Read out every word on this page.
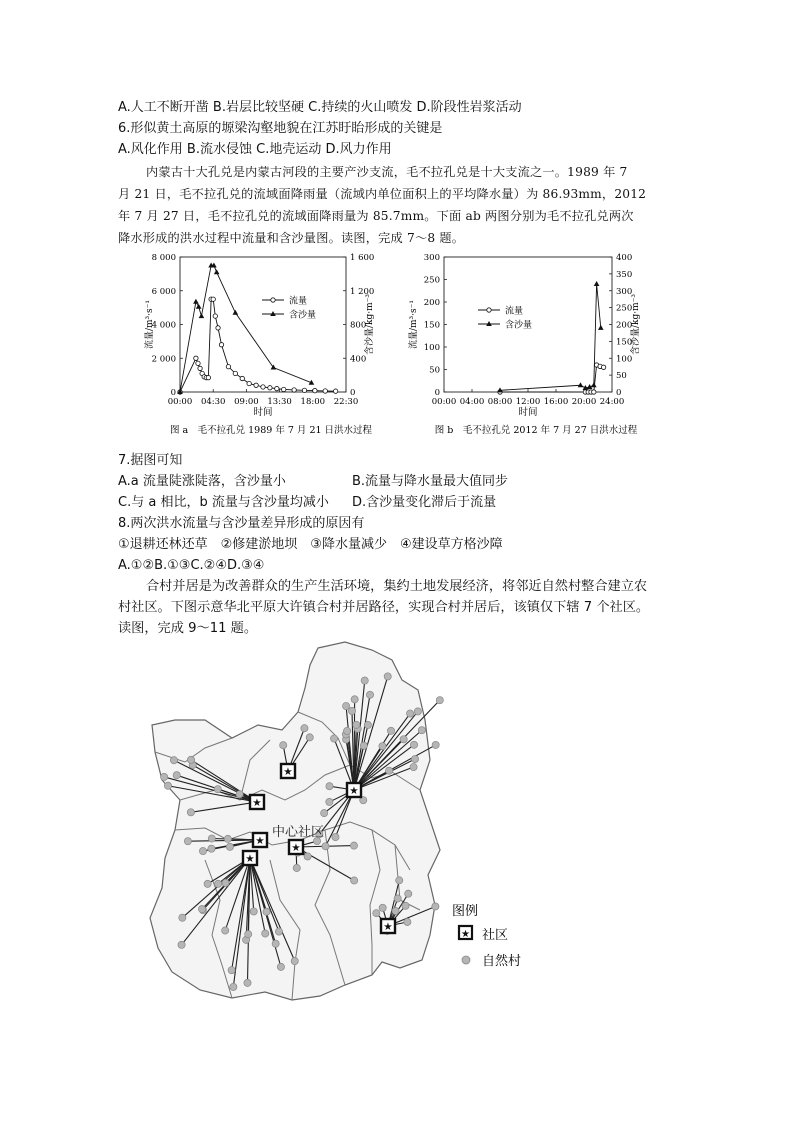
A.人工不断开凿 B.岩层比较坚硬 C.持续的火山喷发 D.阶段性岩浆活动
6.形似黄土高原的塬梁沟壑地貌在江苏盱眙形成的关键是
A.风化作用 B.流水侵蚀 C.地壳运动 D.风力作用
内蒙古十大孔兑是内蒙古河段的主要产沙支流，毛不拉孔兑是十大支流之一。1989 年 7
月 21 日，毛不拉孔兑的流域面降雨量（流域内单位面积上的平均降水量）为 86.93mm，2012
年 7 月 27 日，毛不拉孔兑的流域面降雨量为 85.7mm。下面 ab 两图分别为毛不拉孔兑两次
降水形成的洪水过程中流量和含沙量图。读图，完成 7～8 题。
00:00 04:30 09:00 13:30 18:00 22:30
0
2 000
4 000
6 000
8 000
0
400
800
1 200
1 600
时间
流量/m³·s⁻¹	含沙量/kg·m⁻³
图 a　毛不拉孔兑 1989 年 7 月 21 日洪水过程
流量
含沙量
00:00 04:00 08:00 12:00 16:00 20:00 24:00
0
50
100
150
200
250
300
0
50
100
150
200
250
300
350
400
时间
流量/m³·s⁻¹	含沙量/kg·m⁻³
图 b　毛不拉孔兑 2012 年 7 月 27 日洪水过程
流量
含沙量
7.据图可知
A.a 流量陡涨陡落，含沙量小	B.流量与降水量最大值同步
C.与 a 相比，b 流量与含沙量均减小 D.含沙量变化滞后于流量
8.两次洪水流量与含沙量差异形成的原因有
①退耕还林还草　②修建淤地坝　③降水量减少　④建设草方格沙障
A.①②B.①③C.②④D.③④
合村并居是为改善群众的生产生活环境，集约土地发展经济，将邻近自然村整合建立农
村社区。下图示意华北平原大许镇合村并居路径，实现合村并居后，该镇仅下辖 7 个社区。
读图，完成 9～11 题。
★
★
★
★
★
★
★
中心社区
图例
★ 社区
自然村
